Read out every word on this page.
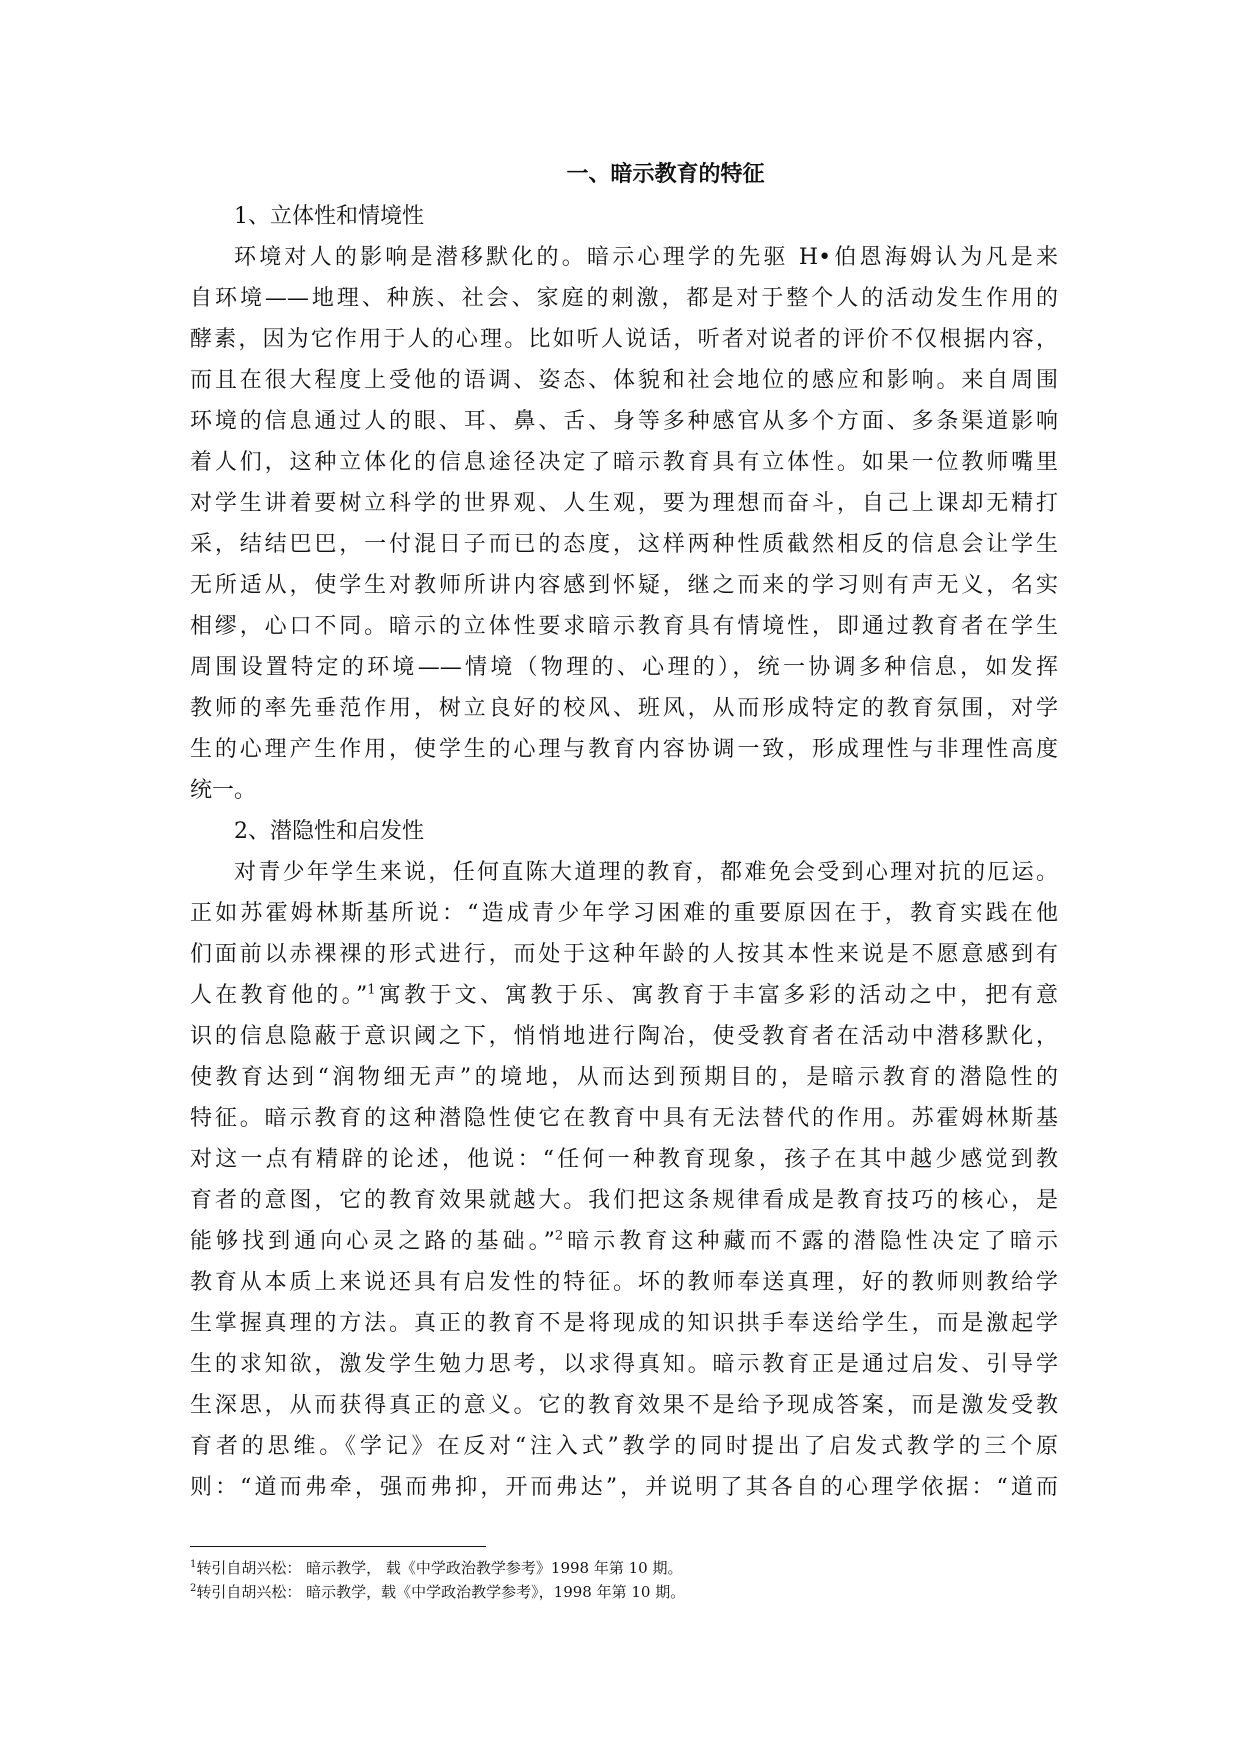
一、暗示教育的特征
1、立体性和情境性
环境对人的影响是潜移默化的。暗示心理学的先驱 H•伯恩海姆认为凡是来
自环境——地理、种族、社会、家庭的刺激，都是对于整个人的活动发生作用的
酵素，因为它作用于人的心理。比如听人说话，听者对说者的评价不仅根据内容，
而且在很大程度上受他的语调、姿态、体貌和社会地位的感应和影响。来自周围
环境的信息通过人的眼、耳、鼻、舌、身等多种感官从多个方面、多条渠道影响
着人们，这种立体化的信息途径决定了暗示教育具有立体性。如果一位教师嘴里
对学生讲着要树立科学的世界观、人生观，要为理想而奋斗，自己上课却无精打
采，结结巴巴，一付混日子而已的态度，这样两种性质截然相反的信息会让学生
无所适从，使学生对教师所讲内容感到怀疑，继之而来的学习则有声无义，名实
相缪，心口不同。暗示的立体性要求暗示教育具有情境性，即通过教育者在学生
周围设置特定的环境——情境（物理的、心理的），统一协调多种信息，如发挥
教师的率先垂范作用，树立良好的校风、班风，从而形成特定的教育氛围，对学
生的心理产生作用，使学生的心理与教育内容协调一致，形成理性与非理性高度
统一。
2、潜隐性和启发性
对青少年学生来说，任何直陈大道理的教育，都难免会受到心理对抗的厄运。
正如苏霍姆林斯基所说：“造成青少年学习困难的重要原因在于，教育实践在他
们面前以赤裸裸的形式进行，而处于这种年龄的人按其本性来说是不愿意感到有
人在教育他的。”$^1$寓教于文、寓教于乐、寓教育于丰富多彩的活动之中，把有意
识的信息隐蔽于意识阈之下，悄悄地进行陶冶，使受教育者在活动中潜移默化，
使教育达到“润物细无声”的境地，从而达到预期目的，是暗示教育的潜隐性的
特征。暗示教育的这种潜隐性使它在教育中具有无法替代的作用。苏霍姆林斯基
对这一点有精辟的论述，他说：“任何一种教育现象，孩子在其中越少感觉到教
育者的意图，它的教育效果就越大。我们把这条规律看成是教育技巧的核心，是
能够找到通向心灵之路的基础。”$^2$暗示教育这种藏而不露的潜隐性决定了暗示
教育从本质上来说还具有启发性的特征。坏的教师奉送真理，好的教师则教给学
生掌握真理的方法。真正的教育不是将现成的知识拱手奉送给学生，而是激起学
生的求知欲，激发学生勉力思考，以求得真知。暗示教育正是通过启发、引导学
生深思，从而获得真正的意义。它的教育效果不是给予现成答案，而是激发受教
育者的思维。《学记》在反对“注入式”教学的同时提出了启发式教学的三个原
则：“道而弗牵，强而弗抑，开而弗达”，并说明了其各自的心理学依据：“道而
$^1$转引自胡兴松： 暗示教学， 载《中学政治教学参考》1998 年第 10 期。
$^2$转引自胡兴松： 暗示教学，载《中学政治教学参考》，1998 年第 10 期。
